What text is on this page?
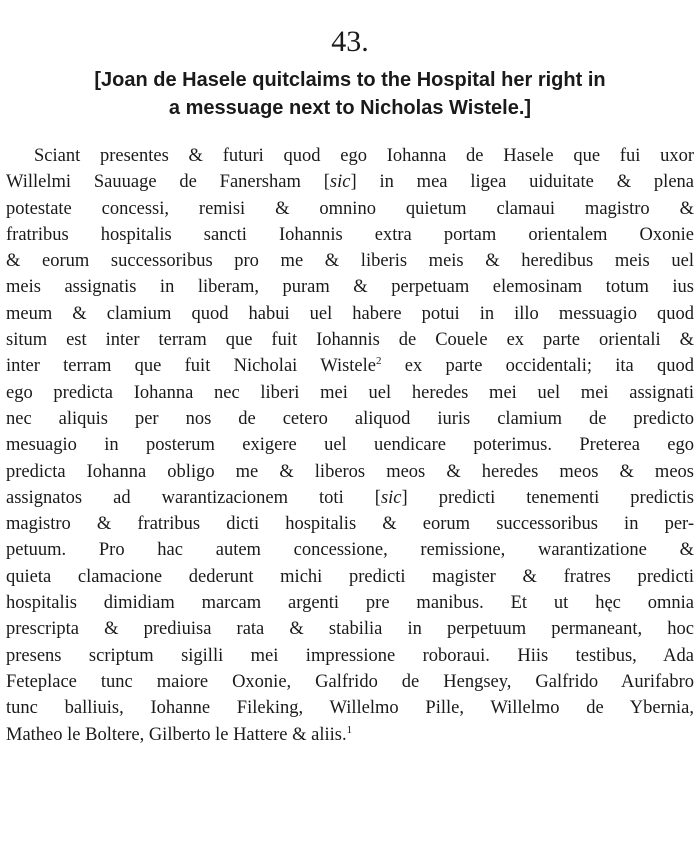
43.
[Joan de Hasele quitclaims to the Hospital her right in
a messuage next to Nicholas Wistele.]
Sciant presentes & futuri quod ego Iohanna de Hasele que fui uxor
Willelmi Sauuage de Fanersham [sic] in mea ligea uiduitate & plena
potestate concessi, remisi & omnino quietum clamaui magistro &
fratribus hospitalis sancti Iohannis extra portam orientalem Oxonie
& eorum successoribus pro me & liberis meis & heredibus meis uel
meis assignatis in liberam, puram & perpetuam elemosinam totum ius
meum & clamium quod habui uel habere potui in illo messuagio quod
situm est inter terram que fuit Iohannis de Couele ex parte orientali &
inter terram que fuit Nicholai Wistele$^2$ ex parte occidentali; ita quod
ego predicta Iohanna nec liberi mei uel heredes mei uel mei assignati
nec aliquis per nos de cetero aliquod iuris clamium de predicto
mesuagio in posterum exigere uel uendicare poterimus. Preterea ego
predicta Iohanna obligo me & liberos meos & heredes meos & meos
assignatos ad warantizacionem toti [sic] predicti tenementi predictis
magistro & fratribus dicti hospitalis & eorum successoribus in per-
petuum. Pro hac autem concessione, remissione, warantizatione &
quieta clamacione dederunt michi predicti magister & fratres predicti
hospitalis dimidiam marcam argenti pre manibus. Et ut hęc omnia
prescripta & prediuisa rata & stabilia in perpetuum permaneant, hoc
presens scriptum sigilli mei impressione roboraui. Hiis testibus, Ada
Feteplace tunc maiore Oxonie, Galfrido de Hengsey, Galfrido Aurifabro
tunc balliuis, Iohanne Fileking, Willelmo Pille, Willelmo de Ybernia,
Matheo le Boltere, Gilberto le Hattere & aliis.$^1$
